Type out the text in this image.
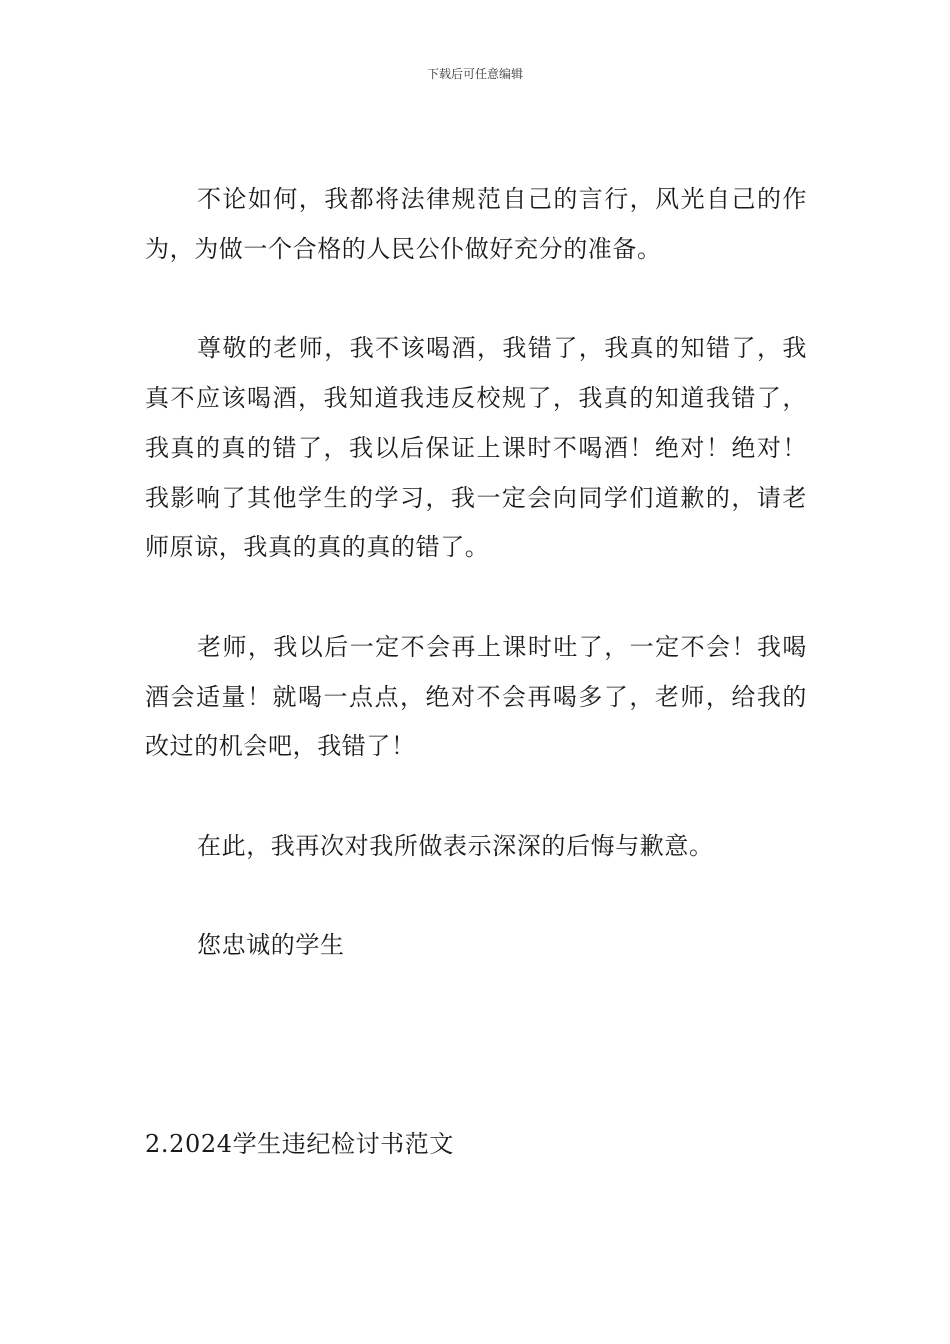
下载后可任意编辑

不论如何，我都将法律规范自己的言行，风光自己的作为，为做一个合格的人民公仆做好充分的准备。

尊敬的老师，我不该喝酒，我错了，我真的知错了，我真不应该喝酒，我知道我违反校规了，我真的知道我错了，我真的真的错了，我以后保证上课时不喝酒！绝对！绝对！我影响了其他学生的学习，我一定会向同学们道歉的，请老师原谅，我真的真的真的错了。

老师，我以后一定不会再上课时吐了，一定不会！我喝酒会适量！就喝一点点，绝对不会再喝多了，老师，给我的改过的机会吧，我错了！

在此，我再次对我所做表示深深的后悔与歉意。

您忠诚的学生

2.2024学生违纪检讨书范文
